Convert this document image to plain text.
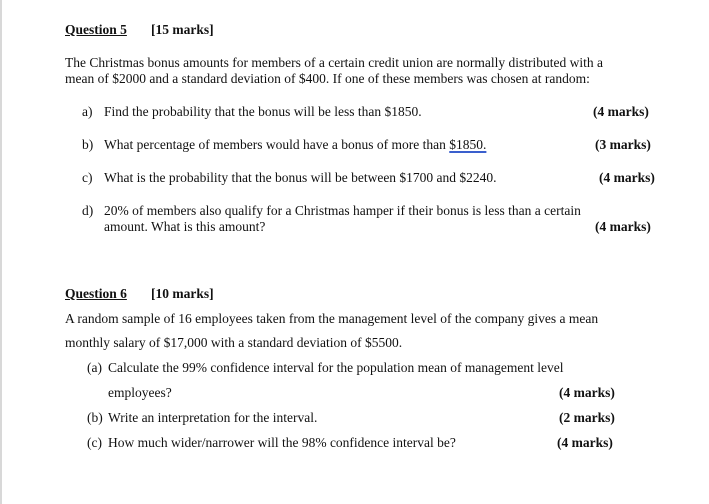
Question 5 [15 marks]
The Christmas bonus amounts for members of a certain credit union are normally distributed with a
mean of $2000 and a standard deviation of $400. If one of these members was chosen at random:
a) Find the probability that the bonus will be less than $1850.	(4 marks)
b) What percentage of members would have a bonus of more than $1850.	(3 marks)
c) What is the probability that the bonus will be between $1700 and $2240.	(4 marks)
d) 20% of members also qualify for a Christmas hamper if their bonus is less than a certain
amount. What is this amount?	(4 marks)
Question 6 [10 marks]
A random sample of 16 employees taken from the management level of the company gives a mean
monthly salary of $17,000 with a standard deviation of $5500.
(a) Calculate the 99% confidence interval for the population mean of management level
employees?	(4 marks)
(b) Write an interpretation for the interval.	(2 marks)
(c) How much wider/narrower will the 98% confidence interval be?	(4 marks)
